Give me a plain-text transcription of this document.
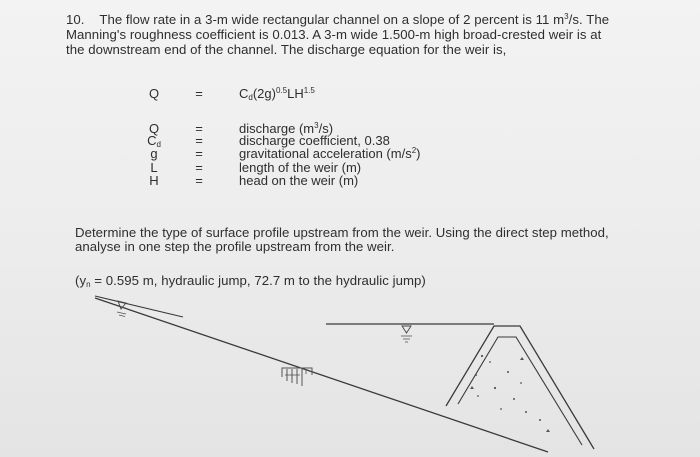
10. The flow rate in a 3-m wide rectangular channel on a slope of 2 percent is 11 $m^3/s$. The
Manning's roughness coefficient is 0.013. A 3-m wide 1.500-m high broad-crested weir is at
the downstream end of the channel. The discharge equation for the weir is,
Q	=	$C_d(2g)^{0.5}LH^{1.5}$
Q
$C_d$
g
L
H
=
=
=
=
=
discharge $(m^3/s)$
discharge coefficient, 0.38
gravitational acceleration $(m/s^2)$
length of the weir (m)
head on the weir (m)
Determine the type of surface profile upstream from the weir. Using the direct step method,
analyse in one step the profile upstream from the weir.
($y_n = 0.595$ m, hydraulic jump, 72.7 m to the hydraulic jump)
